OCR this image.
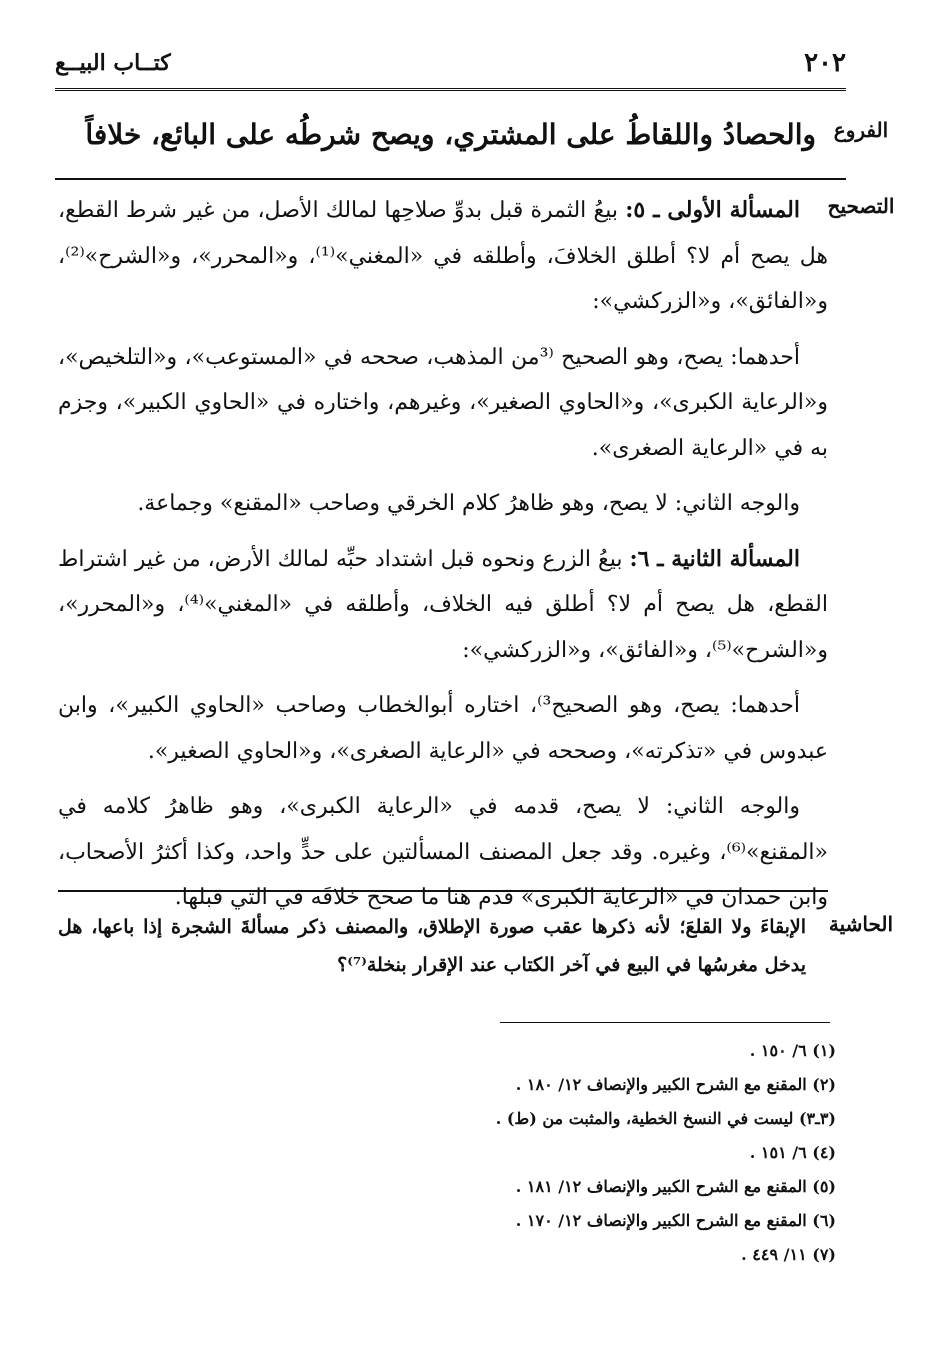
٢٠٢
كتــاب البيــع
الفروع
والحصادُ واللقاطُ على المشتري، ويصح شرطُه على البائع، خلافاً
التصحيح

المسألة الأولى ـ ٥: بيعُ الثمرة قبل بدوِّ صلاحِها لمالك الأصل، من غير شرط القطع، هل يصح أم لا؟ أطلق الخلافَ، وأطلقه في «المغني»⁽¹⁾، و«المحرر»، و«الشرح»⁽²⁾، و«الفائق»، و«الزركشي»:

أحدهما: يصح، وهو الصحيح ⁽³من المذهب، صححه في «المستوعب»، و«التلخيص»، و«الرعاية الكبرى»، و«الحاوي الصغير»، وغيرهم، واختاره في «الحاوي الكبير»، وجزم به في «الرعاية الصغرى».

والوجه الثاني: لا يصح، وهو ظاهرُ كلام الخرقي وصاحب «المقنع» وجماعة.

المسألة الثانية ـ ٦: بيعُ الزرع ونحوه قبل اشتداد حبِّه لمالك الأرض، من غير اشتراط القطع، هل يصح أم لا؟ أطلق فيه الخلاف، وأطلقه في «المغني»⁽⁴⁾، و«المحرر»، و«الشرح»⁽⁵⁾، و«الفائق»، و«الزركشي»:

أحدهما: يصح، وهو الصحيح³⁾، اختاره أبوالخطاب وصاحب «الحاوي الكبير»، وابن عبدوس في «تذكرته»، وصححه في «الرعاية الصغرى»، و«الحاوي الصغير».

والوجه الثاني: لا يصح، قدمه في «الرعاية الكبرى»، وهو ظاهرُ كلامه في «المقنع»⁽⁶⁾، وغيره. وقد جعل المصنف المسألتين على حدٍّ واحد، وكذا أكثرُ الأصحاب، وابن حمدان في «الرعاية الكبرى» قدم هنا ما صحح خلافَه في التي قبلها.

الحاشية
الإبقاءَ ولا القلعَ؛ لأنه ذكرها عقب صورة الإطلاق، والمصنف ذكر مسألةَ الشجرة إذا باعها، هل يدخل مغرسُها في البيع في آخر الكتاب عند الإقرار بنخلة⁽⁷⁾؟
(١) ٦/ ١٥٠ .
(٢) المقنع مع الشرح الكبير والإنصاف ١٢/ ١٨٠ .
(٣ـ٣) ليست في النسخ الخطية، والمثبت من (ط) .
(٤) ٦/ ١٥١ .
(٥) المقنع مع الشرح الكبير والإنصاف ١٢/ ١٨١ .
(٦) المقنع مع الشرح الكبير والإنصاف ١٢/ ١٧٠ .
(٧) ١١/ ٤٤٩ .
